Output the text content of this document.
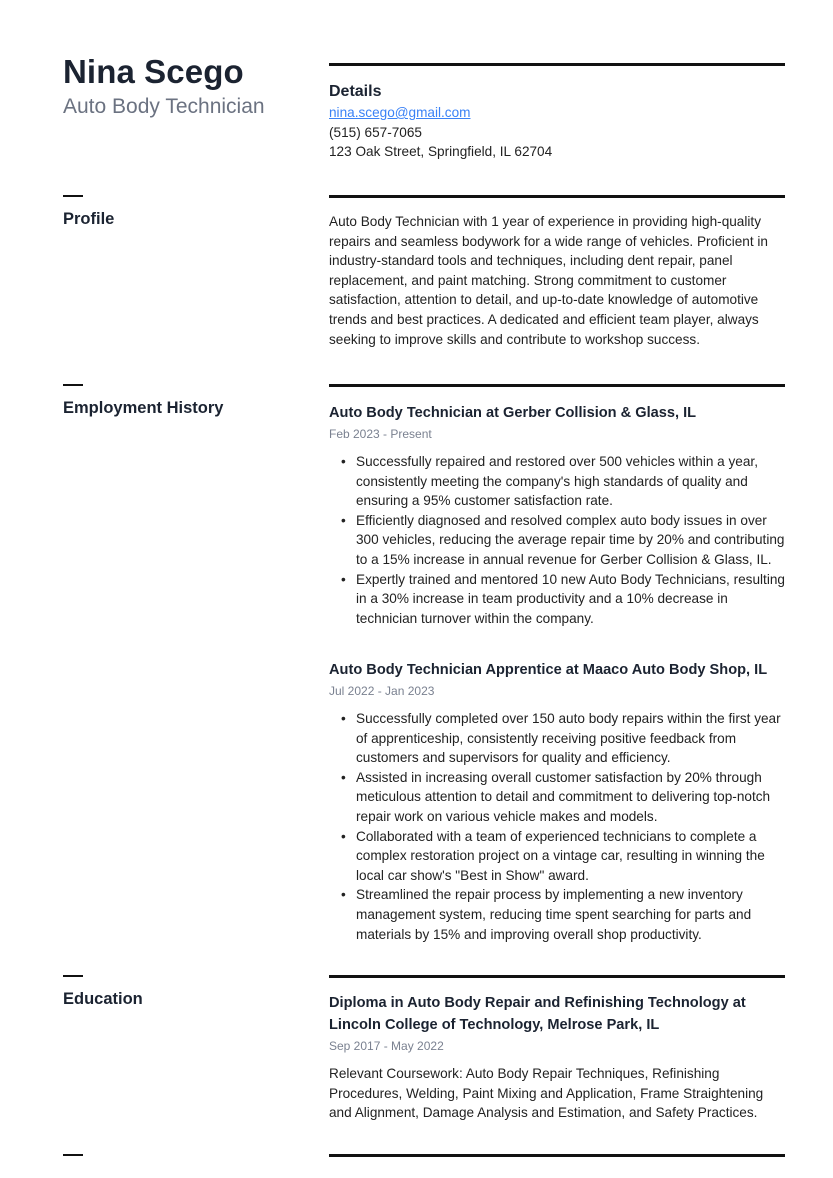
Nina Scego
Auto Body Technician
Details
nina.scego@gmail.com
(515) 657-7065
123 Oak Street, Springfield, IL 62704
Profile	Auto Body Technician with 1 year of experience in providing high-quality repairs and seamless bodywork for a wide range of vehicles. Proficient in industry-standard tools and techniques, including dent repair, panel replacement, and paint matching. Strong commitment to customer satisfaction, attention to detail, and up-to-date knowledge of automotive trends and best practices. A dedicated and efficient team player, always seeking to improve skills and contribute to workshop success.
Employment History	Auto Body Technician at Gerber Collision & Glass, IL
Feb 2023 - Present
• Successfully repaired and restored over 500 vehicles within a year, consistently meeting the company's high standards of quality and ensuring a 95% customer satisfaction rate.
• Efficiently diagnosed and resolved complex auto body issues in over 300 vehicles, reducing the average repair time by 20% and contributing to a 15% increase in annual revenue for Gerber Collision & Glass, IL.
• Expertly trained and mentored 10 new Auto Body Technicians, resulting in a 30% increase in team productivity and a 10% decrease in technician turnover within the company.
Auto Body Technician Apprentice at Maaco Auto Body Shop, IL
Jul 2022 - Jan 2023
• Successfully completed over 150 auto body repairs within the first year of apprenticeship, consistently receiving positive feedback from customers and supervisors for quality and efficiency.
• Assisted in increasing overall customer satisfaction by 20% through meticulous attention to detail and commitment to delivering top-notch repair work on various vehicle makes and models.
• Collaborated with a team of experienced technicians to complete a complex restoration project on a vintage car, resulting in winning the local car show's "Best in Show" award.
• Streamlined the repair process by implementing a new inventory management system, reducing time spent searching for parts and materials by 15% and improving overall shop productivity.
Education	Diploma in Auto Body Repair and Refinishing Technology at Lincoln College of Technology, Melrose Park, IL
Sep 2017 - May 2022
Relevant Coursework: Auto Body Repair Techniques, Refinishing Procedures, Welding, Paint Mixing and Application, Frame Straightening and Alignment, Damage Analysis and Estimation, and Safety Practices.
